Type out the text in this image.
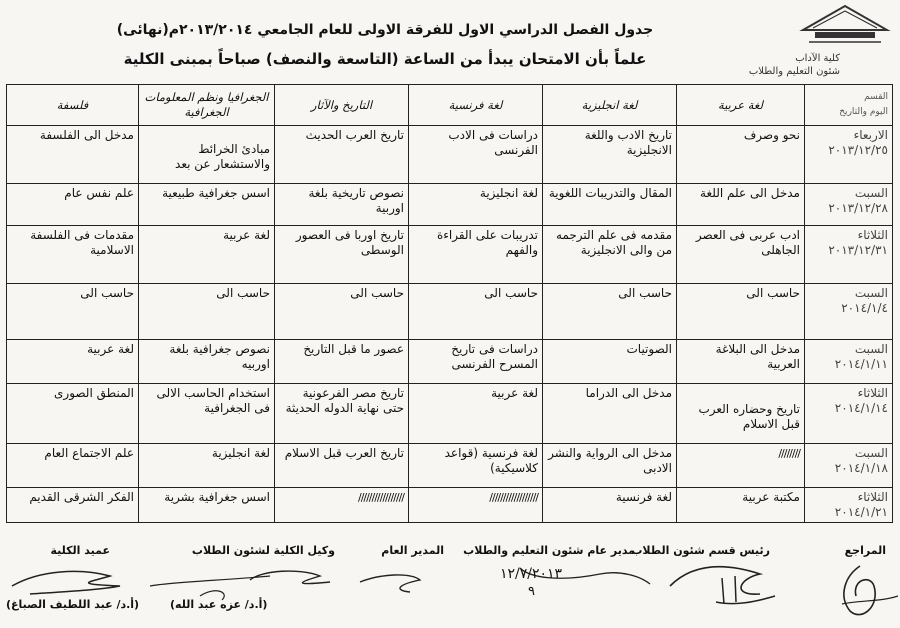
كلية الآداب
شئون التعليم والطلاب
جدول الفصل الدراسي الاول للفرقة الاولى للعام الجامعي ٢٠١٣/٢٠١٤م(نهائى)
علماً بأن الامتحان يبدأ من الساعة (التاسعة والنصف) صباحاً بمبنى الكلية
القسم
اليوم والتاريخ	لغة عربية	لغة انجليزية	لغة فرنسية	التاريخ والآثار	الجغرافيا ونظم المعلومات الجغرافية	فلسفة

الاربعاء
٢٠١٣/١٢/٢٥	نحو وصرف	تاريخ الادب واللغة الانجليزية	دراسات فى الادب الفرنسى	تاريخ العرب الحديث	مبادئ الخرائط والاستشعار عن بعد	مدخل الى الفلسفة

السبت
٢٠١٣/١٢/٢٨	مدخل الى علم اللغة	المقال والتدريبات اللغوية	لغة انجليزية	نصوص تاريخية بلغة اوربية	اسس جغرافية طبيعية	علم نفس عام

الثلاثاء
٢٠١٣/١٢/٣١	ادب عربى فى العصر الجاهلى	مقدمه فى علم الترجمه من والى الانجليزية	تدريبات على القراءة والفهم	تاريخ اوربا فى العصور الوسطى	لغة عربية	مقدمات فى الفلسفة الاسلامية

السبت
٢٠١٤/١/٤	حاسب الى	حاسب الى	حاسب الى	حاسب الى	حاسب الى	حاسب الى

السبت
٢٠١٤/١/١١	مدخل الى البلاغة العربية	الصوتيات	دراسات فى تاريخ المسرح الفرنسى	عصور ما قبل التاريخ	نصوص جغرافية بلغة اوربيه	لغة عربية

الثلاثاء
٢٠١٤/١/١٤	تاريخ وحضاره العرب قبل الاسلام	مدخل الى الدراما	لغة عربية	تاريخ مصر الفرعونية حتى نهاية الدوله الحديثة	استخدام الحاسب الالى فى الجغرافية	المنطق الصورى

السبت
٢٠١٤/١/١٨	////////	مدخل الى الرواية والنشر الادبى	لغة فرنسية (قواعد كلاسيكية)	تاريخ العرب قبل الاسلام	لغة انجليزية	علم الاجتماع العام

الثلاثاء
٢٠١٤/١/٢١	مكتبة عربية	لغة فرنسية	//////////////////	/////////////////	اسس جغرافية بشرية	الفكر الشرقى القديم
المراجع
رئيس قسم شئون الطلاب
مدير عام شئون التعليم والطلاب
المدير العام
وكيل الكلية لشئون الطلاب
عميد الكلية
١٢/٧/٢٠١٣
٩
(أ.د/ عزه عبد الله)
(أ.د/ عبد اللطيف الصباغ)
